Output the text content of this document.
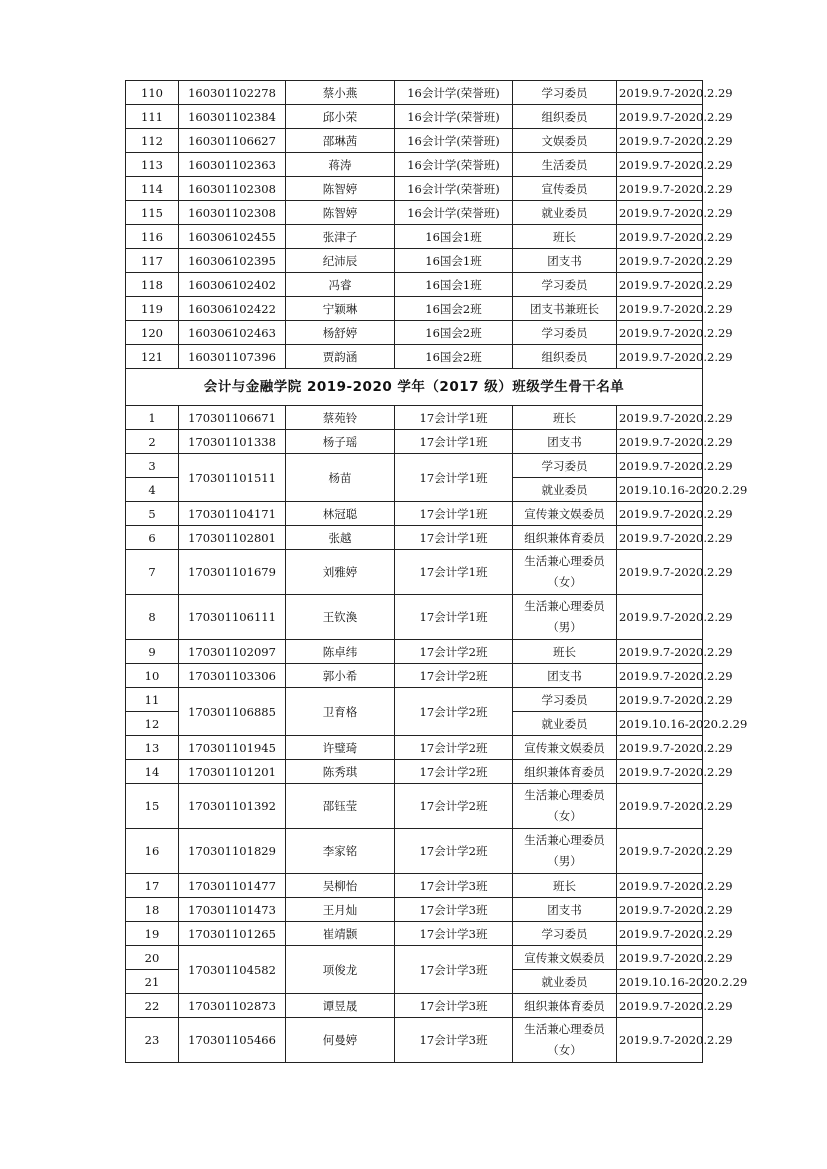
110	160301102278	蔡小燕	16会计学(荣誉班)	学习委员	2019.9.7-2020.2.29
111	160301102384	邱小荣	16会计学(荣誉班)	组织委员	2019.9.7-2020.2.29
112	160301106627	邵琳茜	16会计学(荣誉班)	文娱委员	2019.9.7-2020.2.29
113	160301102363	蒋涛	16会计学(荣誉班)	生活委员	2019.9.7-2020.2.29
114	160301102308	陈智婷	16会计学(荣誉班)	宣传委员	2019.9.7-2020.2.29
115	160301102308	陈智婷	16会计学(荣誉班)	就业委员	2019.9.7-2020.2.29
116	160306102455	张津子	16国会1班	班长	2019.9.7-2020.2.29
117	160306102395	纪沛辰	16国会1班	团支书	2019.9.7-2020.2.29
118	160306102402	冯睿	16国会1班	学习委员	2019.9.7-2020.2.29
119	160306102422	宁颖琳	16国会2班	团支书兼班长	2019.9.7-2020.2.29
120	160306102463	杨舒婷	16国会2班	学习委员	2019.9.7-2020.2.29
121	160301107396	贾韵涵	16国会2班	组织委员	2019.9.7-2020.2.29
会计与金融学院 2019-2020 学年（2017 级）班级学生骨干名单					
1	170301106671	蔡苑铃	17会计学1班	班长	2019.9.7-2020.2.29
2	170301101338	杨子瑶	17会计学1班	团支书	2019.9.7-2020.2.29
3	170301101511	杨苗	17会计学1班	学习委员	2019.9.7-2020.2.29
4				就业委员	2019.10.16-2020.2.29
5	170301104171	林冠聪	17会计学1班	宣传兼文娱委员	2019.9.7-2020.2.29
6	170301102801	张越	17会计学1班	组织兼体育委员	2019.9.7-2020.2.29
7	170301101679	刘雅婷	17会计学1班	生活兼心理委员（女）	2019.9.7-2020.2.29
8	170301106111	王钦渙	17会计学1班	生活兼心理委员（男）	2019.9.7-2020.2.29
9	170301102097	陈卓纬	17会计学2班	班长	2019.9.7-2020.2.29
10	170301103306	郭小希	17会计学2班	团支书	2019.9.7-2020.2.29
11	170301106885	卫育格	17会计学2班	学习委员	2019.9.7-2020.2.29
12				就业委员	2019.10.16-2020.2.29
13	170301101945	许璧琦	17会计学2班	宣传兼文娱委员	2019.9.7-2020.2.29
14	170301101201	陈秀琪	17会计学2班	组织兼体育委员	2019.9.7-2020.2.29
15	170301101392	邵钰莹	17会计学2班	生活兼心理委员（女）	2019.9.7-2020.2.29
16	170301101829	李家铭	17会计学2班	生活兼心理委员（男）	2019.9.7-2020.2.29
17	170301101477	吴柳怡	17会计学3班	班长	2019.9.7-2020.2.29
18	170301101473	王月灿	17会计学3班	团支书	2019.9.7-2020.2.29
19	170301101265	崔靖颢	17会计学3班	学习委员	2019.9.7-2020.2.29
20	170301104582	项俊龙	17会计学3班	宣传兼文娱委员	2019.9.7-2020.2.29
21				就业委员	2019.10.16-2020.2.29
22	170301102873	谭昱晟	17会计学3班	组织兼体育委员	2019.9.7-2020.2.29
23	170301105466	何曼婷	17会计学3班	生活兼心理委员（女）	2019.9.7-2020.2.29
